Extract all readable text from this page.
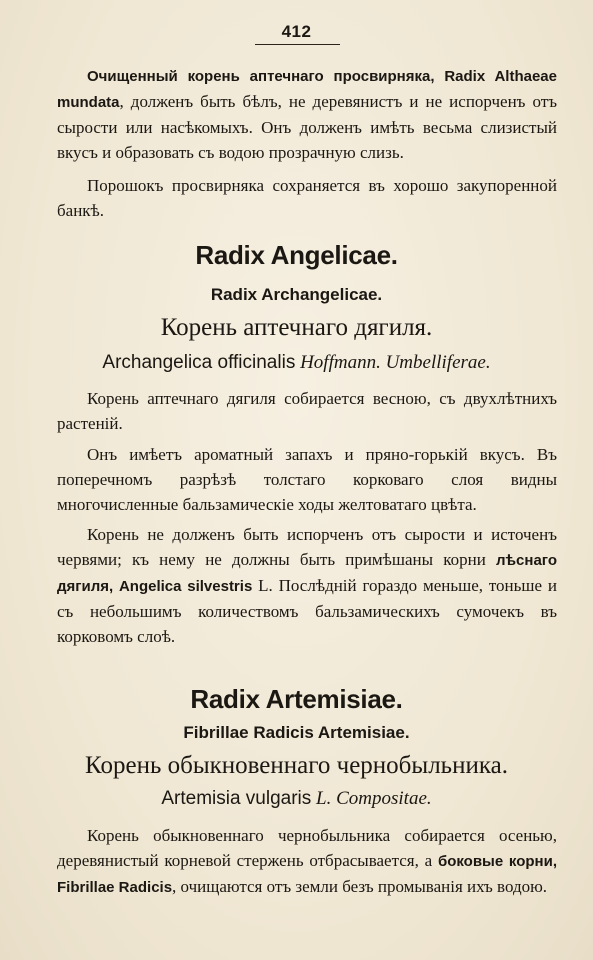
412
Очищенный корень аптечнаго просвирняка, Radix Althaeae mundata, долженъ быть бѣлъ, не деревянистъ и не испорченъ отъ сырости или насѣкомыхъ. Онъ долженъ имѣть весьма слизистый вкусъ и образовать съ водою прозрачную слизь.
Порошокъ просвирняка сохраняется въ хорошо закупоренной банкѣ.
Radix Angelicae.
Radix Archangelicae.
Корень аптечнаго дягиля.
Archangelica officinalis Hoffmann. Umbelliferae.
Корень аптечнаго дягиля собирается весною, съ двухлѣтнихъ растеній.
Онъ имѣетъ ароматный запахъ и пряно-горькій вкусъ. Въ поперечномъ разрѣзѣ толстаго корковаго слоя видны многочисленные бальзамическіе ходы желтоватаго цвѣта.
Корень не долженъ быть испорченъ отъ сырости и источенъ червями; къ нему не должны быть примѣшаны корни лѣснаго дягиля, Angelica silvestris L. Послѣдній гораздо меньше, тоньше и съ небольшимъ количествомъ бальзамическихъ сумочекъ въ корковомъ слоѣ.
Radix Artemisiae.
Fibrillae Radicis Artemisiae.
Корень обыкновеннаго чернобыльника.
Artemisia vulgaris L. Compositae.
Корень обыкновеннаго чернобыльника собирается осенью, деревянистый корневой стержень отбрасывается, а боковые корни, Fibrillae Radicis, очищаются отъ земли безъ промыванія ихъ водою.
